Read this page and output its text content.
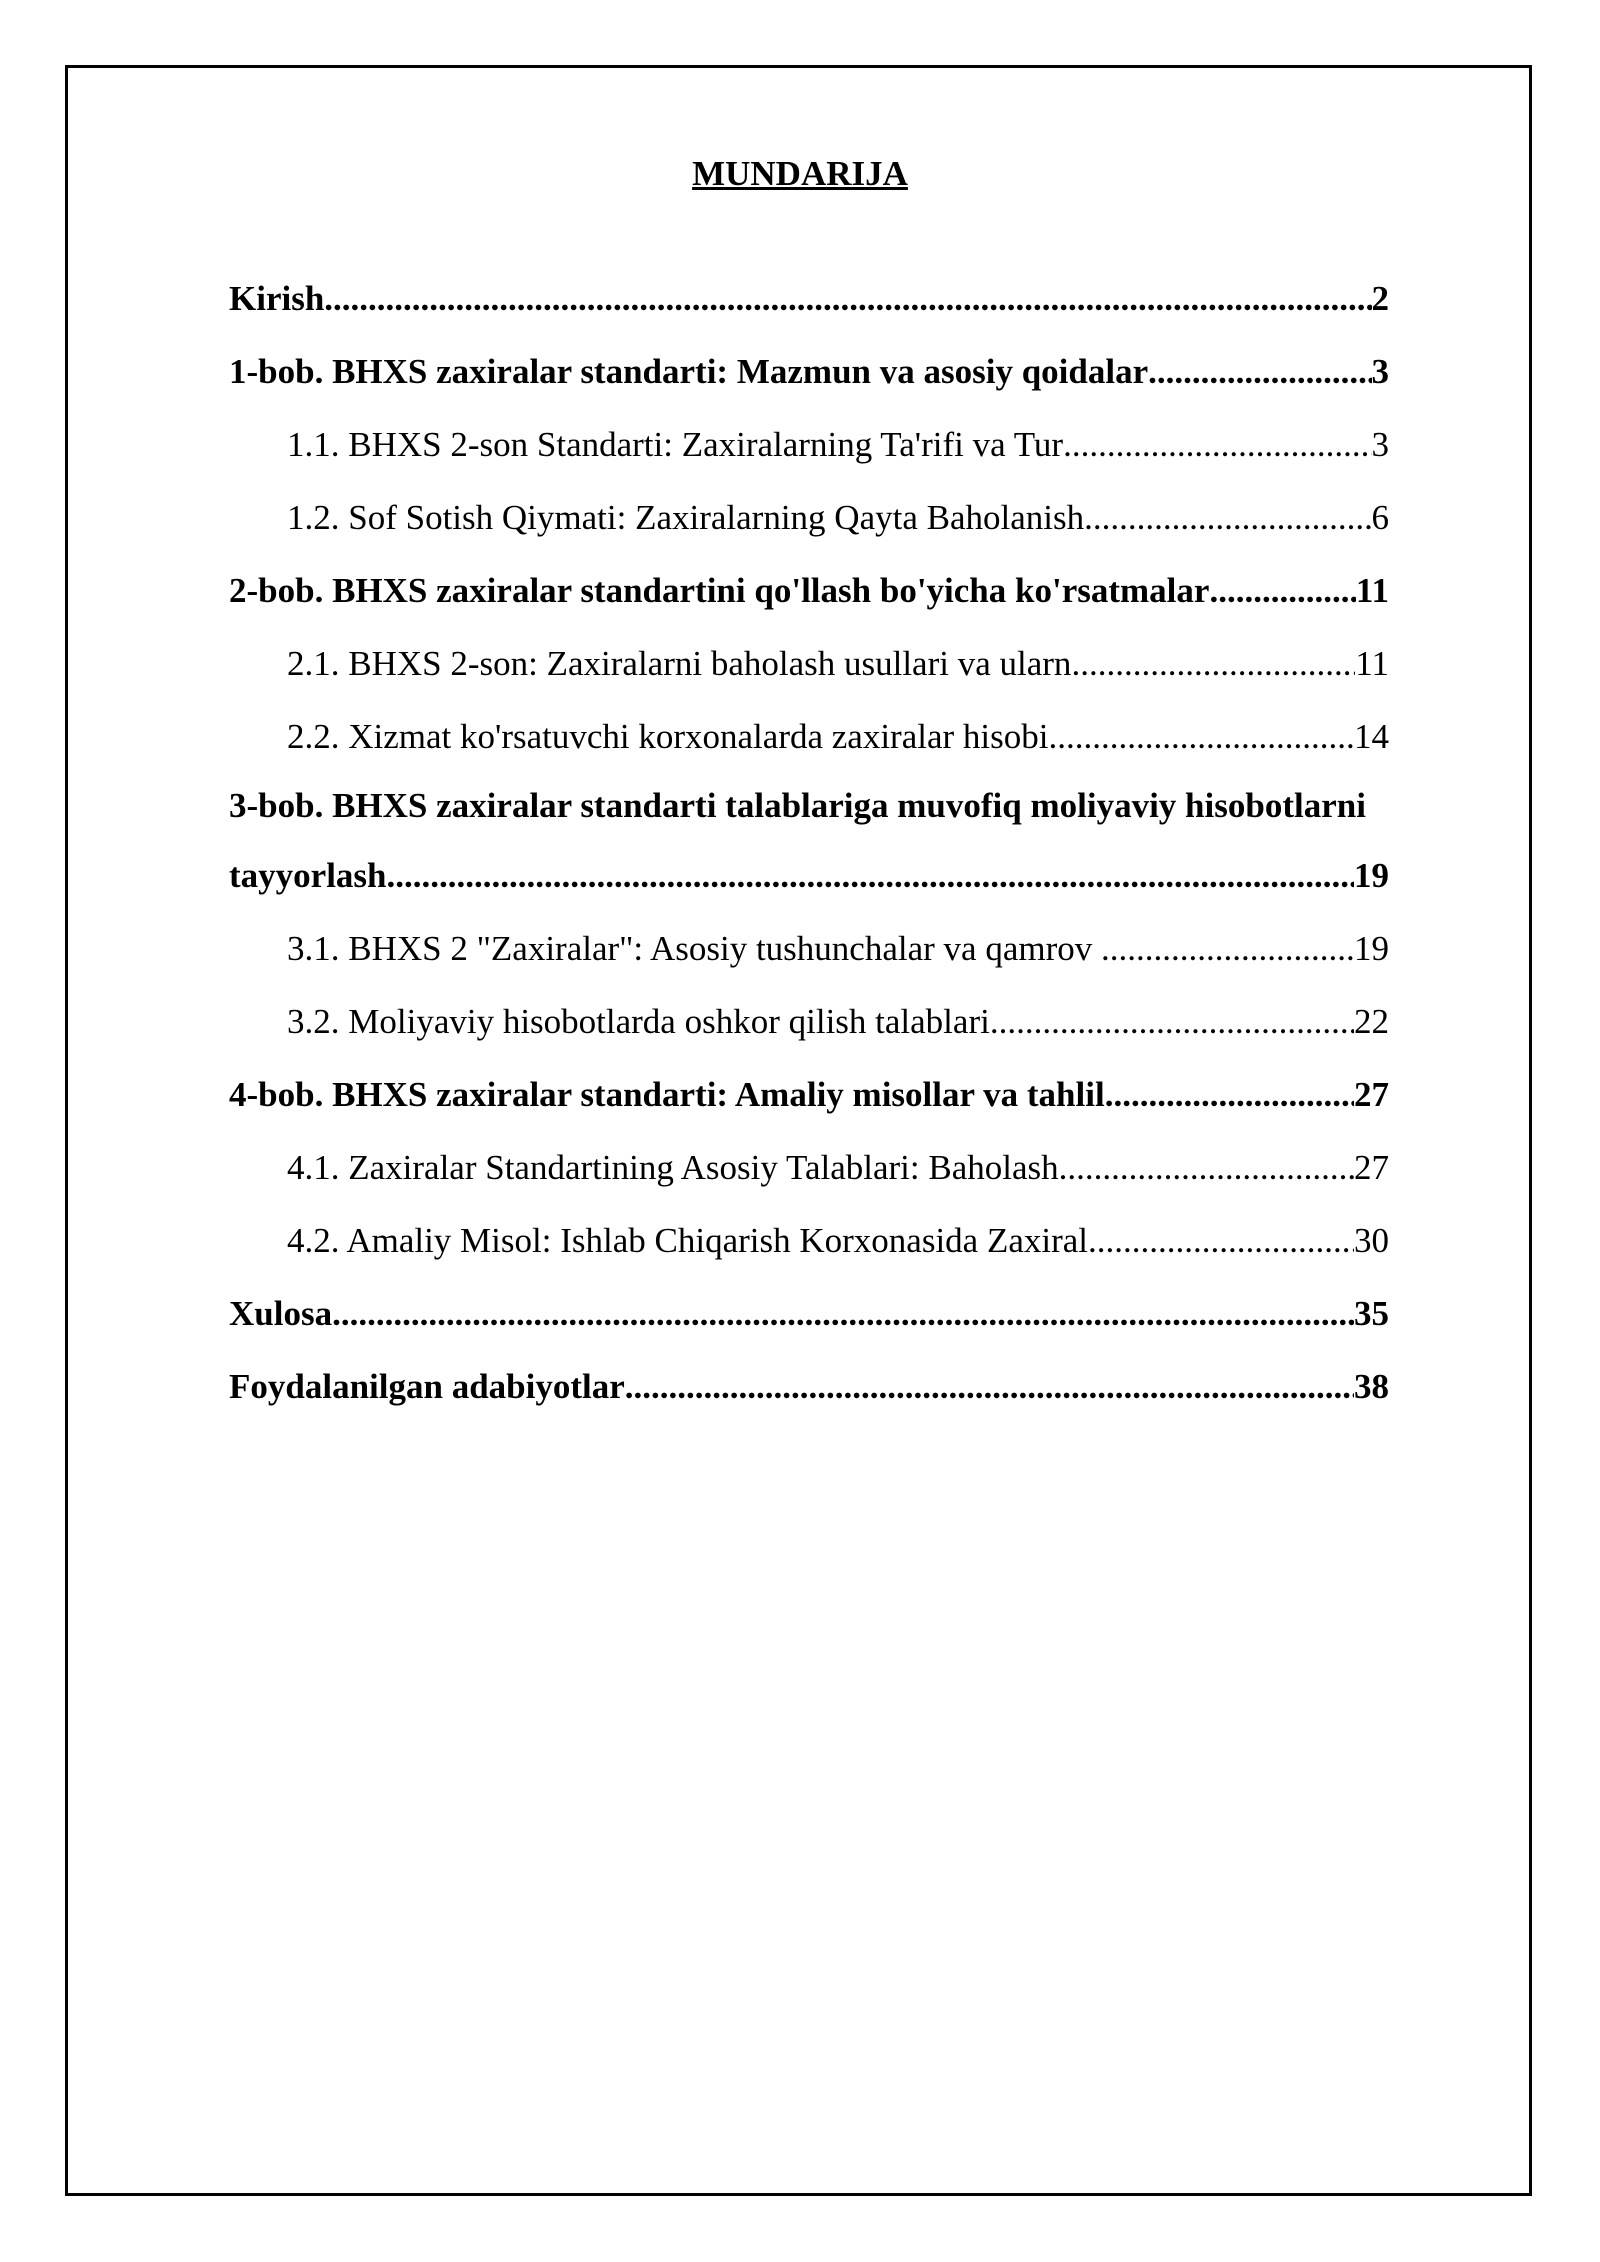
MUNDARIJA
Kirish .....	2
1-bob. BHXS zaxiralar standarti: Mazmun va asosiy qoidalar .....	3
1.1. BHXS 2-son Standarti: Zaxiralarning Ta'rifi va Tur .....	3
1.2. Sof Sotish Qiymati: Zaxiralarning Qayta Baholanish .....	6
2-bob. BHXS zaxiralar standartini qo'llash bo'yicha ko'rsatmalar .....	11
2.1. BHXS 2-son: Zaxiralarni baholash usullari va ularn .....	11
2.2. Xizmat ko'rsatuvchi korxonalarda zaxiralar hisobi .....	14
3-bob. BHXS zaxiralar standarti talablariga muvofiq moliyaviy hisobotlarni
tayyorlash .....	19
3.1. BHXS 2 "Zaxiralar": Asosiy tushunchalar va qamrov .....	19
3.2. Moliyaviy hisobotlarda oshkor qilish talablari .....	22
4-bob. BHXS zaxiralar standarti: Amaliy misollar va tahlil .....	27
4.1. Zaxiralar Standartining Asosiy Talablari: Baholash .....	27
4.2. Amaliy Misol: Ishlab Chiqarish Korxonasida Zaxiral .....	30
Xulosa .....	35
Foydalanilgan adabiyotlar .....	38
